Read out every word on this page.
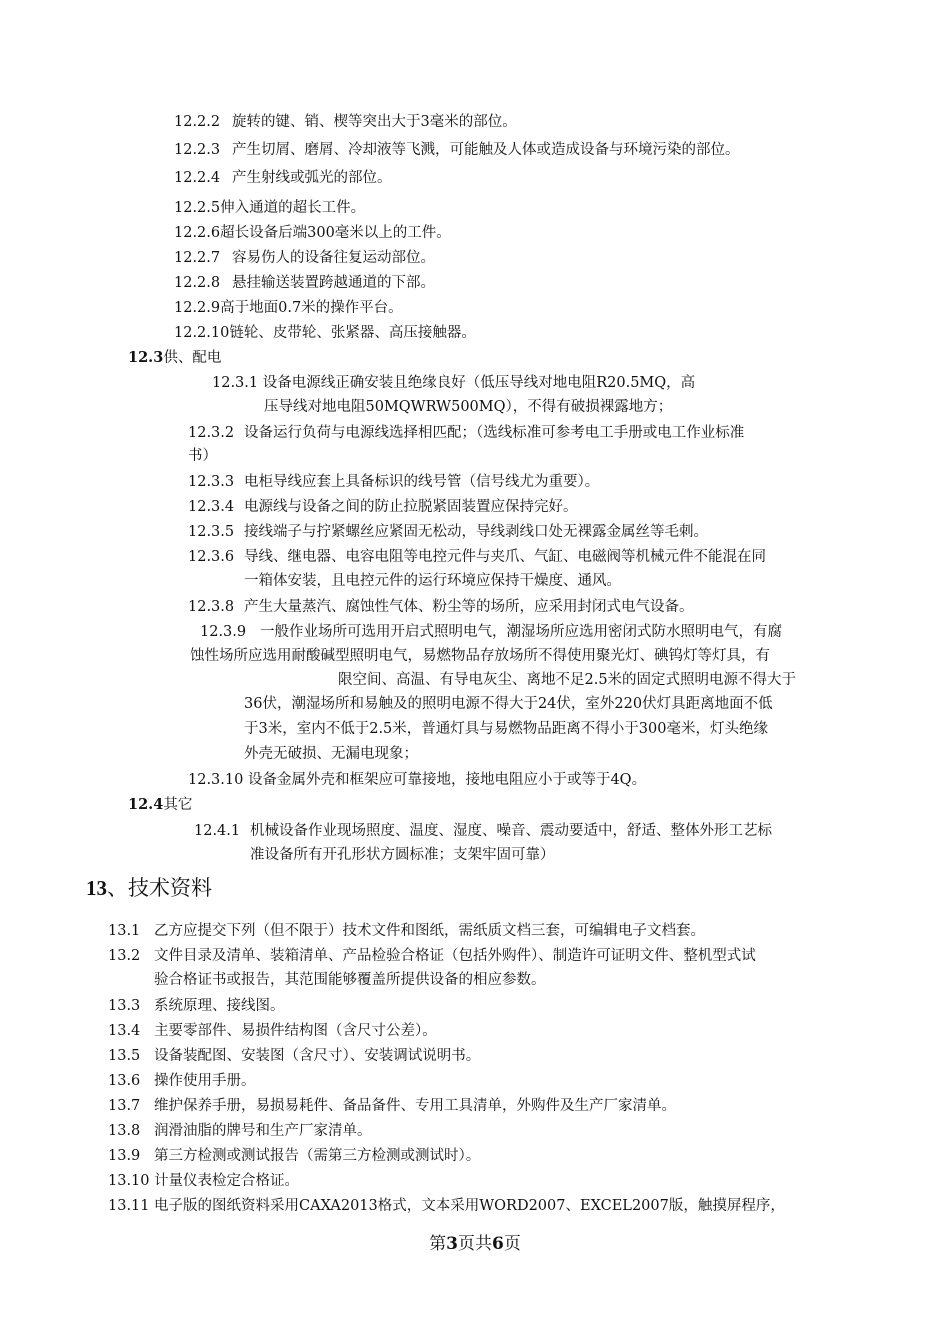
12.2.2 旋转的键、销、楔等突出大于3毫米的部位。
12.2.3 产生切屑、磨屑、冷却液等飞溅，可能触及人体或造成设备与环境污染的部位。
12.2.4 产生射线或弧光的部位。
12.2.5伸入通道的超长工件。
12.2.6超长设备后端300毫米以上的工件。
12.2.7 容易伤人的设备往复运动部位。
12.2.8 悬挂输送装置跨越通道的下部。
12.2.9高于地面0.7米的操作平台。
12.2.10链轮、皮带轮、张紧器、高压接触器。
12.3供、配电
12.3.1 设备电源线正确安装且绝缘良好（低压导线对地电阻R20.5MQ，高
压导线对地电阻50MQWRW500MQ），不得有破损裸露地方；
12.3.2 设备运行负荷与电源线选择相匹配；（选线标准可参考电工手册或电工作业标准
书）
12.3.3 电柜导线应套上具备标识的线号管（信号线尤为重要）。
12.3.4 电源线与设备之间的防止拉脱紧固装置应保持完好。
12.3.5 接线端子与拧紧螺丝应紧固无松动，导线剥线口处无裸露金属丝等毛刺。
12.3.6 导线、继电器、电容电阻等电控元件与夹爪、气缸、电磁阀等机械元件不能混在同
一箱体安装，且电控元件的运行环境应保持干燥度、通风。
12.3.8 产生大量蒸汽、腐蚀性气体、粉尘等的场所，应采用封闭式电气设备。
12.3.9 一般作业场所可选用开启式照明电气，潮湿场所应选用密闭式防水照明电气，有腐
蚀性场所应选用耐酸碱型照明电气，易燃物品存放场所不得使用聚光灯、碘钨灯等灯具，有
限空间、高温、有导电灰尘、离地不足2.5米的固定式照明电源不得大于
36伏，潮湿场所和易触及的照明电源不得大于24伏，室外220伏灯具距离地面不低
于3米，室内不低于2.5米，普通灯具与易燃物品距离不得小于300毫米，灯头绝缘
外壳无破损、无漏电现象；
12.3.10 设备金属外壳和框架应可靠接地，接地电阻应小于或等于4Q。
12.4其它
12.4.1 机械设备作业现场照度、温度、湿度、噪音、震动要适中，舒适、整体外形工艺标
准设备所有开孔形状方圆标准；支架牢固可靠）
13、技术资料
13.1 乙方应提交下列（但不限于）技术文件和图纸，需纸质文档三套，可编辑电子文档套。
13.2 文件目录及清单、装箱清单、产品检验合格证（包括外购件）、制造许可证明文件、整机型式试
验合格证书或报告，其范围能够覆盖所提供设备的相应参数。
13.3 系统原理、接线图。
13.4 主要零部件、易损件结构图（含尺寸公差）。
13.5 设备装配图、安装图（含尺寸）、安装调试说明书。
13.6 操作使用手册。
13.7 维护保养手册，易损易耗件、备品备件、专用工具清单，外购件及生产厂家清单。
13.8 润滑油脂的牌号和生产厂家清单。
13.9 第三方检测或测试报告（需第三方检测或测试时）。
13.10 计量仪表检定合格证。
13.11 电子版的图纸资料采用CAXA2013格式，文本采用WORD2007、EXCEL2007版，触摸屏程序，
第3页共6页
